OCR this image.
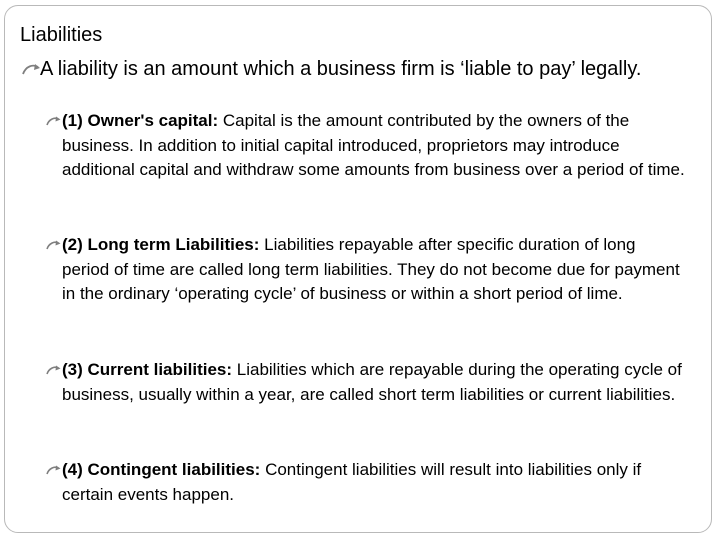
Liabilities
A liability is an amount which a business firm is ‘liable to pay’ legally.
(1) Owner's capital: Capital is the amount contributed by the owners of the business. In addition to initial capital introduced, proprietors may introduce additional capital and withdraw some amounts from business over a period of time.
(2) Long term Liabilities: Liabilities repayable after specific duration of long period of time are called long term liabilities. They do not become due for payment in the ordinary ‘operating cycle’ of business or within a short period of lime.
(3) Current liabilities: Liabilities which are repayable during the operating cycle of business, usually within a year, are called short term liabilities or current liabilities.
(4) Contingent liabilities: Contingent liabilities will result into liabilities only if certain events happen.
